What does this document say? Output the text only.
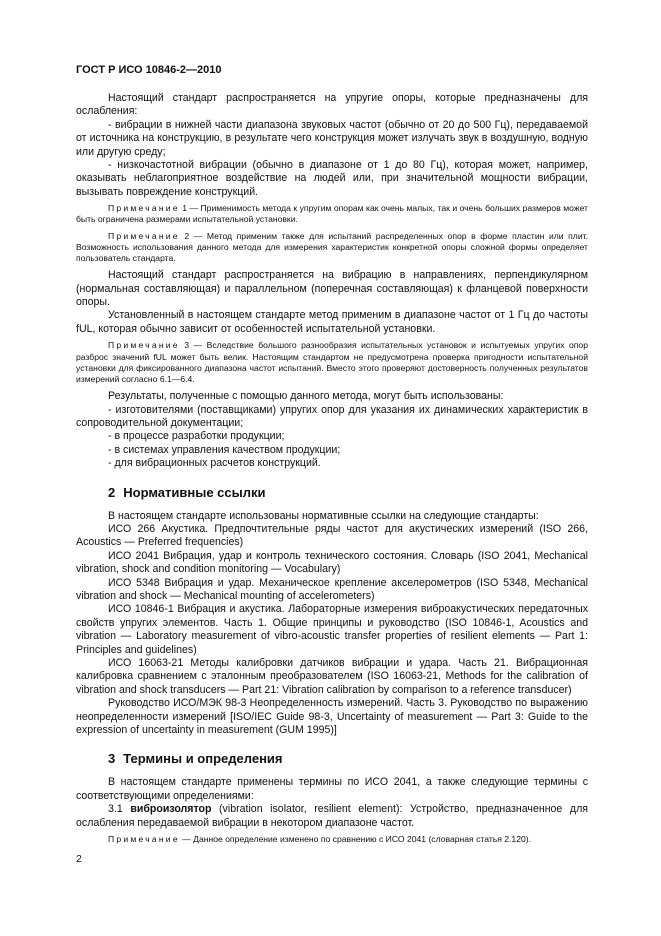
ГОСТ Р ИСО 10846-2—2010

Настоящий стандарт распространяется на упругие опоры, которые предназначены для ослабления:

- вибрации в нижней части диапазона звуковых частот (обычно от 20 до 500 Гц), передаваемой от источника на конструкцию, в результате чего конструкция может излучать звук в воздушную, водную или другую среду;

- низкочастотной вибрации (обычно в диапазоне от 1 до 80 Гц), которая может, например, оказывать неблагоприятное воздействие на людей или, при значительной мощности вибрации, вызывать повреждение конструкций.

Примечание 1 — Применимость метода к упругим опорам как очень малых, так и очень больших размеров может быть ограничена размерами испытательной установки.

Примечание 2 — Метод применим также для испытаний распределенных опор в форме пластин или плит. Возможность использования данного метода для измерения характеристик конкретной опоры сложной формы определяет пользователь стандарта.

Настоящий стандарт распространяется на вибрацию в направлениях, перпендикулярном (нормальная составляющая) и параллельном (поперечная составляющая) к фланцевой поверхности опоры.

Установленный в настоящем стандарте метод применим в диапазоне частот от 1 Гц до частоты fUL, которая обычно зависит от особенностей испытательной установки.

Примечание 3 — Вследствие большого разнообразия испытательных установок и испытуемых упругих опор разброс значений fUL может быть велик. Настоящим стандартом не предусмотрена проверка пригодности испытательной установки для фиксированного диапазона частот испытаний. Вместо этого проверяют достоверность полученных результатов измерений согласно 6.1—6.4.

Результаты, полученные с помощью данного метода, могут быть использованы:

- изготовителями (поставщиками) упругих опор для указания их динамических характеристик в сопроводительной документации;

- в процессе разработки продукции;

- в системах управления качеством продукции;

- для вибрационных расчетов конструкций.

2 Нормативные ссылки

В настоящем стандарте использованы нормативные ссылки на следующие стандарты:

ИСО 266 Акустика. Предпочтительные ряды частот для акустических измерений (ISO 266, Acoustics — Preferred frequencies)

ИСО 2041 Вибрация, удар и контроль технического состояния. Словарь (ISO 2041, Mechanical vibration, shock and condition monitoring — Vocabulary)

ИСО 5348 Вибрация и удар. Механическое крепление акселерометров (ISO 5348, Mechanical vibration and shock — Mechanical mounting of accelerometers)

ИСО 10846-1 Вибрация и акустика. Лабораторные измерения виброакустических передаточных свойств упругих элементов. Часть 1. Общие принципы и руководство (ISO 10846-1, Acoustics and vibration — Laboratory measurement of vibro-acoustic transfer properties of resilient elements — Part 1: Principles and guidelines)

ИСО 16063-21 Методы калибровки датчиков вибрации и удара. Часть 21. Вибрационная калибровка сравнением с эталонным преобразователем (ISO 16063-21, Methods for the calibration of vibration and shock transducers — Part 21: Vibration calibration by comparison to a reference transducer)

Руководство ИСО/МЭК 98-3 Неопределенность измерений. Часть 3. Руководство по выражению неопределенности измерений [ISO/IEC Guide 98-3, Uncertainty of measurement — Part 3: Guide to the expression of uncertainty in measurement (GUM 1995)]

3 Термины и определения

В настоящем стандарте применены термины по ИСО 2041, а также следующие термины с соответствующими определениями:

3.1 виброизолятор (vibration isolator, resilient element): Устройство, предназначенное для ослабления передаваемой вибрации в некотором диапазоне частот.

Примечание — Данное определение изменено по сравнению с ИСО 2041 (словарная статья 2.120).

2
